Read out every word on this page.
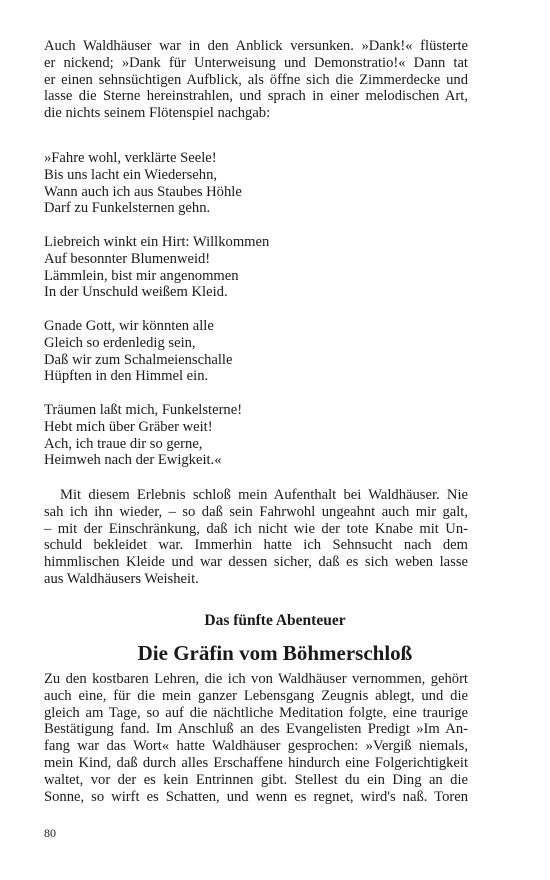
Auch Waldhäuser war in den Anblick versunken. »Dank!« flüsterte
er nickend; »Dank für Unterweisung und Demonstratio!« Dann tat
er einen sehnsüchtigen Aufblick, als öffne sich die Zimmerdecke und
lasse die Sterne hereinstrahlen, und sprach in einer melodischen Art,
die nichts seinem Flötenspiel nachgab:
»Fahre wohl, verklärte Seele!
Bis uns lacht ein Wiedersehn,
Wann auch ich aus Staubes Höhle
Darf zu Funkelsternen gehn.
Liebreich winkt ein Hirt: Willkommen
Auf besonnter Blumenweid!
Lämmlein, bist mir angenommen
In der Unschuld weißem Kleid.
Gnade Gott, wir könnten alle
Gleich so erdenledig sein,
Daß wir zum Schalmeienschalle
Hüpften in den Himmel ein.
Träumen laßt mich, Funkelsterne!
Hebt mich über Gräber weit!
Ach, ich traue dir so gerne,
Heimweh nach der Ewigkeit.«
Mit diesem Erlebnis schloß mein Aufenthalt bei Waldhäuser. Nie
sah ich ihn wieder, – so daß sein Fahrwohl ungeahnt auch mir galt,
– mit der Einschränkung, daß ich nicht wie der tote Knabe mit Un-
schuld bekleidet war. Immerhin hatte ich Sehnsucht nach dem
himmlischen Kleide und war dessen sicher, daß es sich weben lasse
aus Waldhäusers Weisheit.
Das fünfte Abenteuer
Die Gräfin vom Böhmerschloß
Zu den kostbaren Lehren, die ich von Waldhäuser vernommen, gehört
auch eine, für die mein ganzer Lebensgang Zeugnis ablegt, und die
gleich am Tage, so auf die nächtliche Meditation folgte, eine traurige
Bestätigung fand. Im Anschluß an des Evangelisten Predigt »Im An-
fang war das Wort« hatte Waldhäuser gesprochen: »Vergiß niemals,
mein Kind, daß durch alles Erschaffene hindurch eine Folgerichtigkeit
waltet, vor der es kein Entrinnen gibt. Stellest du ein Ding an die
Sonne, so wirft es Schatten, und wenn es regnet, wird's naß. Toren
80
